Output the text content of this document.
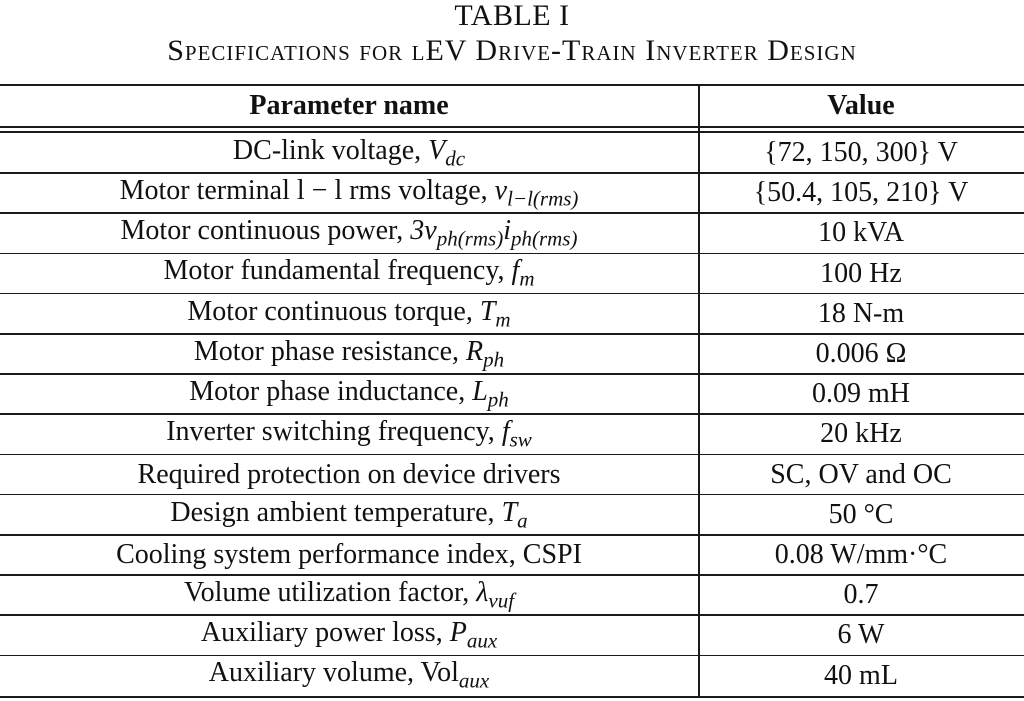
TABLE I
Specifications for lEV Drive-Train Inverter Design
Parameter name	Value
DC-link voltage, $V_{dc}$	{72, 150, 300} V
Motor terminal l − l rms voltage, $v_{l-l(rms)}$	{50.4, 105, 210} V
Motor continuous power, $3v_{ph(rms)}i_{ph(rms)}$	10 kVA
Motor fundamental frequency, $f_m$	100 Hz
Motor continuous torque, $T_m$	18 N-m
Motor phase resistance, $R_{ph}$	0.006 Ω
Motor phase inductance, $L_{ph}$	0.09 mH
Inverter switching frequency, $f_{sw}$	20 kHz
Required protection on device drivers	SC, OV and OC
Design ambient temperature, $T_a$	50 °C
Cooling system performance index, CSPI	0.08 W/mm·°C
Volume utilization factor, $\lambda_{vuf}$	0.7
Auxiliary power loss, $P_{aux}$	6 W
Auxiliary volume, Vol$_{aux}$	40 mL
